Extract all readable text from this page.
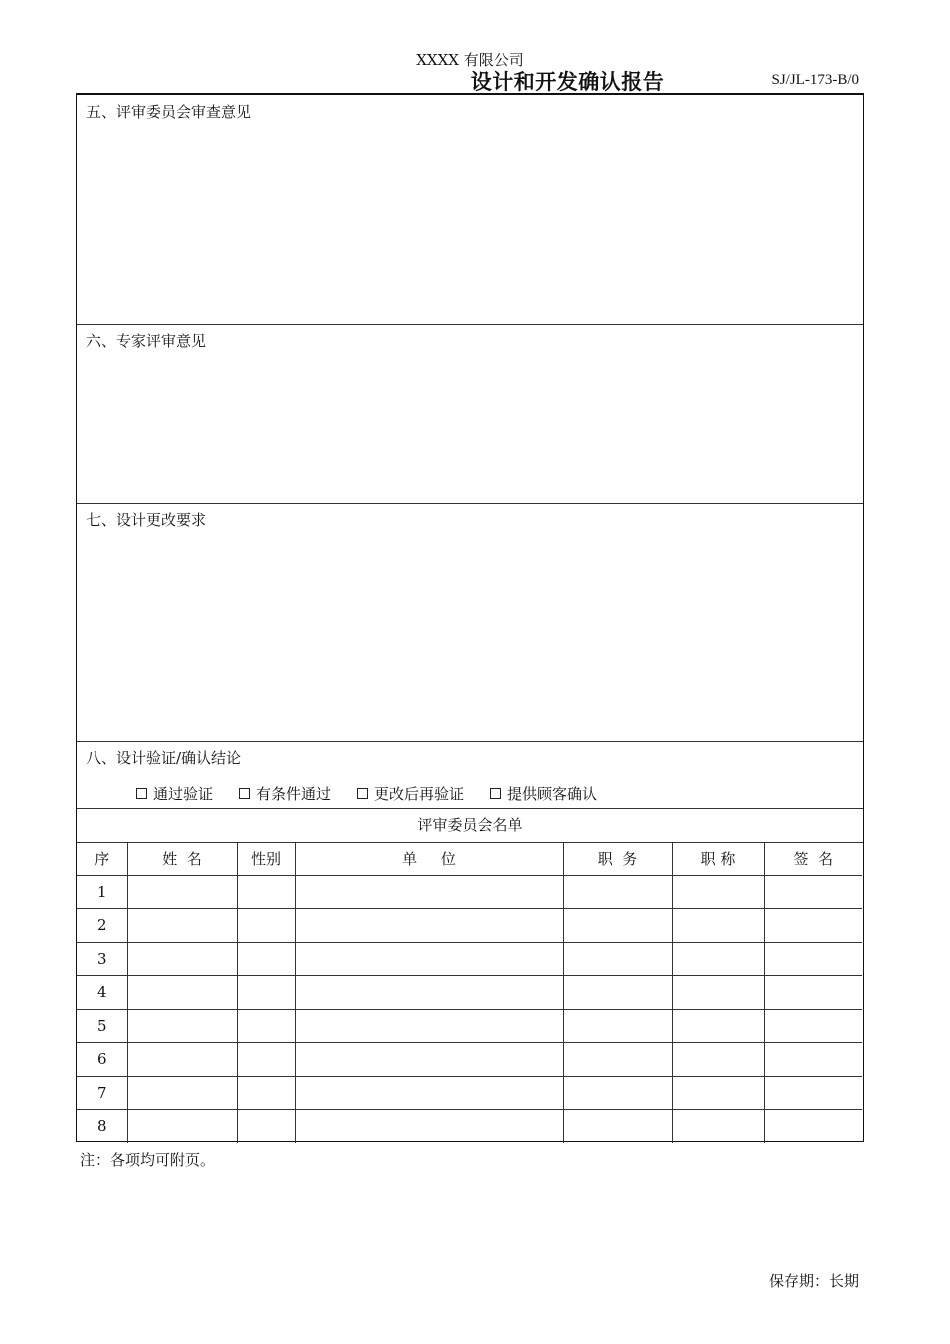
XXXX 有限公司
设计和开发确认报告	SJ/JL-173-B/0
五、评审委员会审查意见
六、专家评审意见
七、设计更改要求
八、设计验证/确认结论
通过验证	有条件通过	更改后再验证	提供顾客确认
评审委员会名单
序	姓  名	性别	单     位	职  务	职 称	签  名
1						
2						
3						
4						
5						
6						
7						
8						
注：各项均可附页。
保存期：长期
